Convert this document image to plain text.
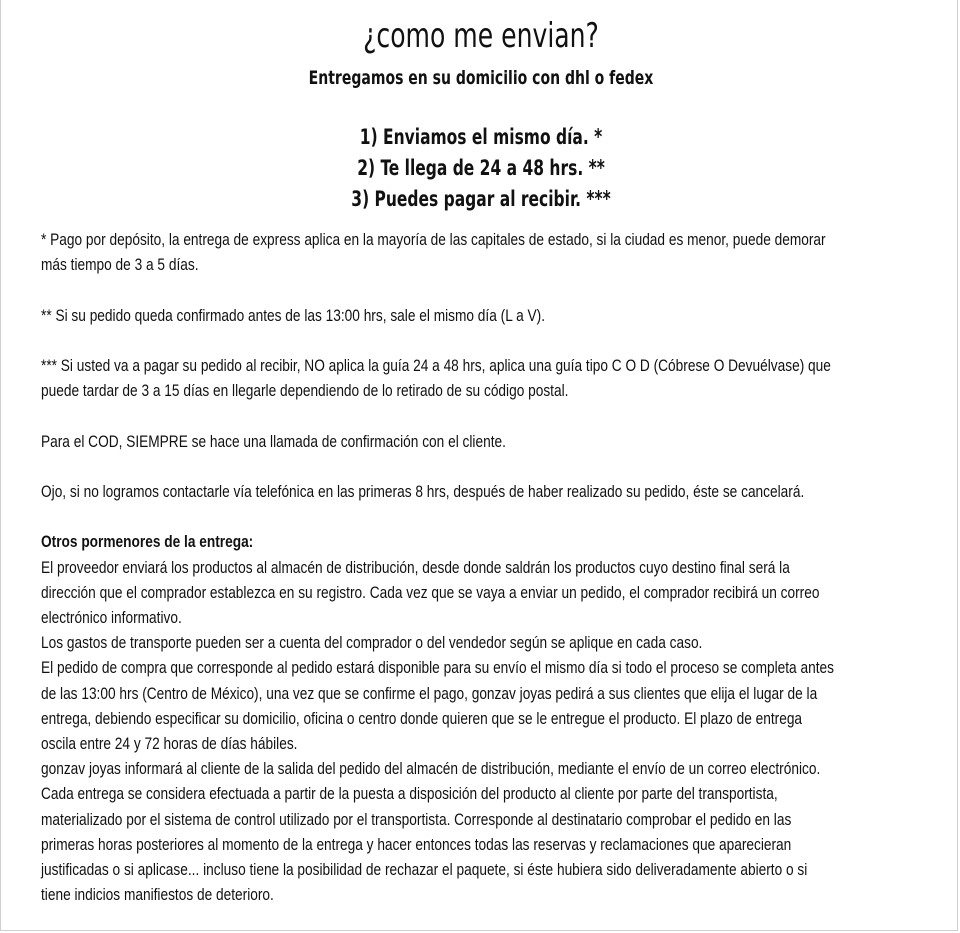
¿como me envian?
Entregamos en su domicilio con dhl o fedex
1) Enviamos el mismo día. *
2) Te llega de 24 a 48 hrs. **
3) Puedes pagar al recibir. ***

* Pago por depósito, la entrega de express aplica en la mayoría de las capitales de estado, si la ciudad es menor, puede demorar

más tiempo de 3 a 5 días.

** Si su pedido queda confirmado antes de las 13:00 hrs, sale el mismo día (L a V).

*** Si usted va a pagar su pedido al recibir, NO aplica la guía 24 a 48 hrs, aplica una guía tipo C O D (Cóbrese O Devuélvase) que

puede tardar de 3 a 15 días en llegarle dependiendo de lo retirado de su código postal.

Para el COD, SIEMPRE se hace una llamada de confirmación con el cliente.

Ojo, si no logramos contactarle vía telefónica en las primeras 8 hrs, después de haber realizado su pedido, éste se cancelará.

Otros pormenores de la entrega:

El proveedor enviará los productos al almacén de distribución, desde donde saldrán los productos cuyo destino final será la

dirección que el comprador establezca en su registro. Cada vez que se vaya a enviar un pedido, el comprador recibirá un correo

electrónico informativo.

Los gastos de transporte pueden ser a cuenta del comprador o del vendedor según se aplique en cada caso.

El pedido de compra que corresponde al pedido estará disponible para su envío el mismo día si todo el proceso se completa antes

de las 13:00 hrs (Centro de México), una vez que se confirme el pago, gonzav joyas pedirá a sus clientes que elija el lugar de la

entrega, debiendo especificar su domicilio, oficina o centro donde quieren que se le entregue el producto. El plazo de entrega

oscila entre 24 y 72 horas de días hábiles.

gonzav joyas informará al cliente de la salida del pedido del almacén de distribución, mediante el envío de un correo electrónico.

Cada entrega se considera efectuada a partir de la puesta a disposición del producto al cliente por parte del transportista,

materializado por el sistema de control utilizado por el transportista. Corresponde al destinatario comprobar el pedido en las

primeras horas posteriores al momento de la entrega y hacer entonces todas las reservas y reclamaciones que aparecieran

justificadas o si aplicase... incluso tiene la posibilidad de rechazar el paquete, si éste hubiera sido deliveradamente abierto o si

tiene indicios manifiestos de deterioro.
